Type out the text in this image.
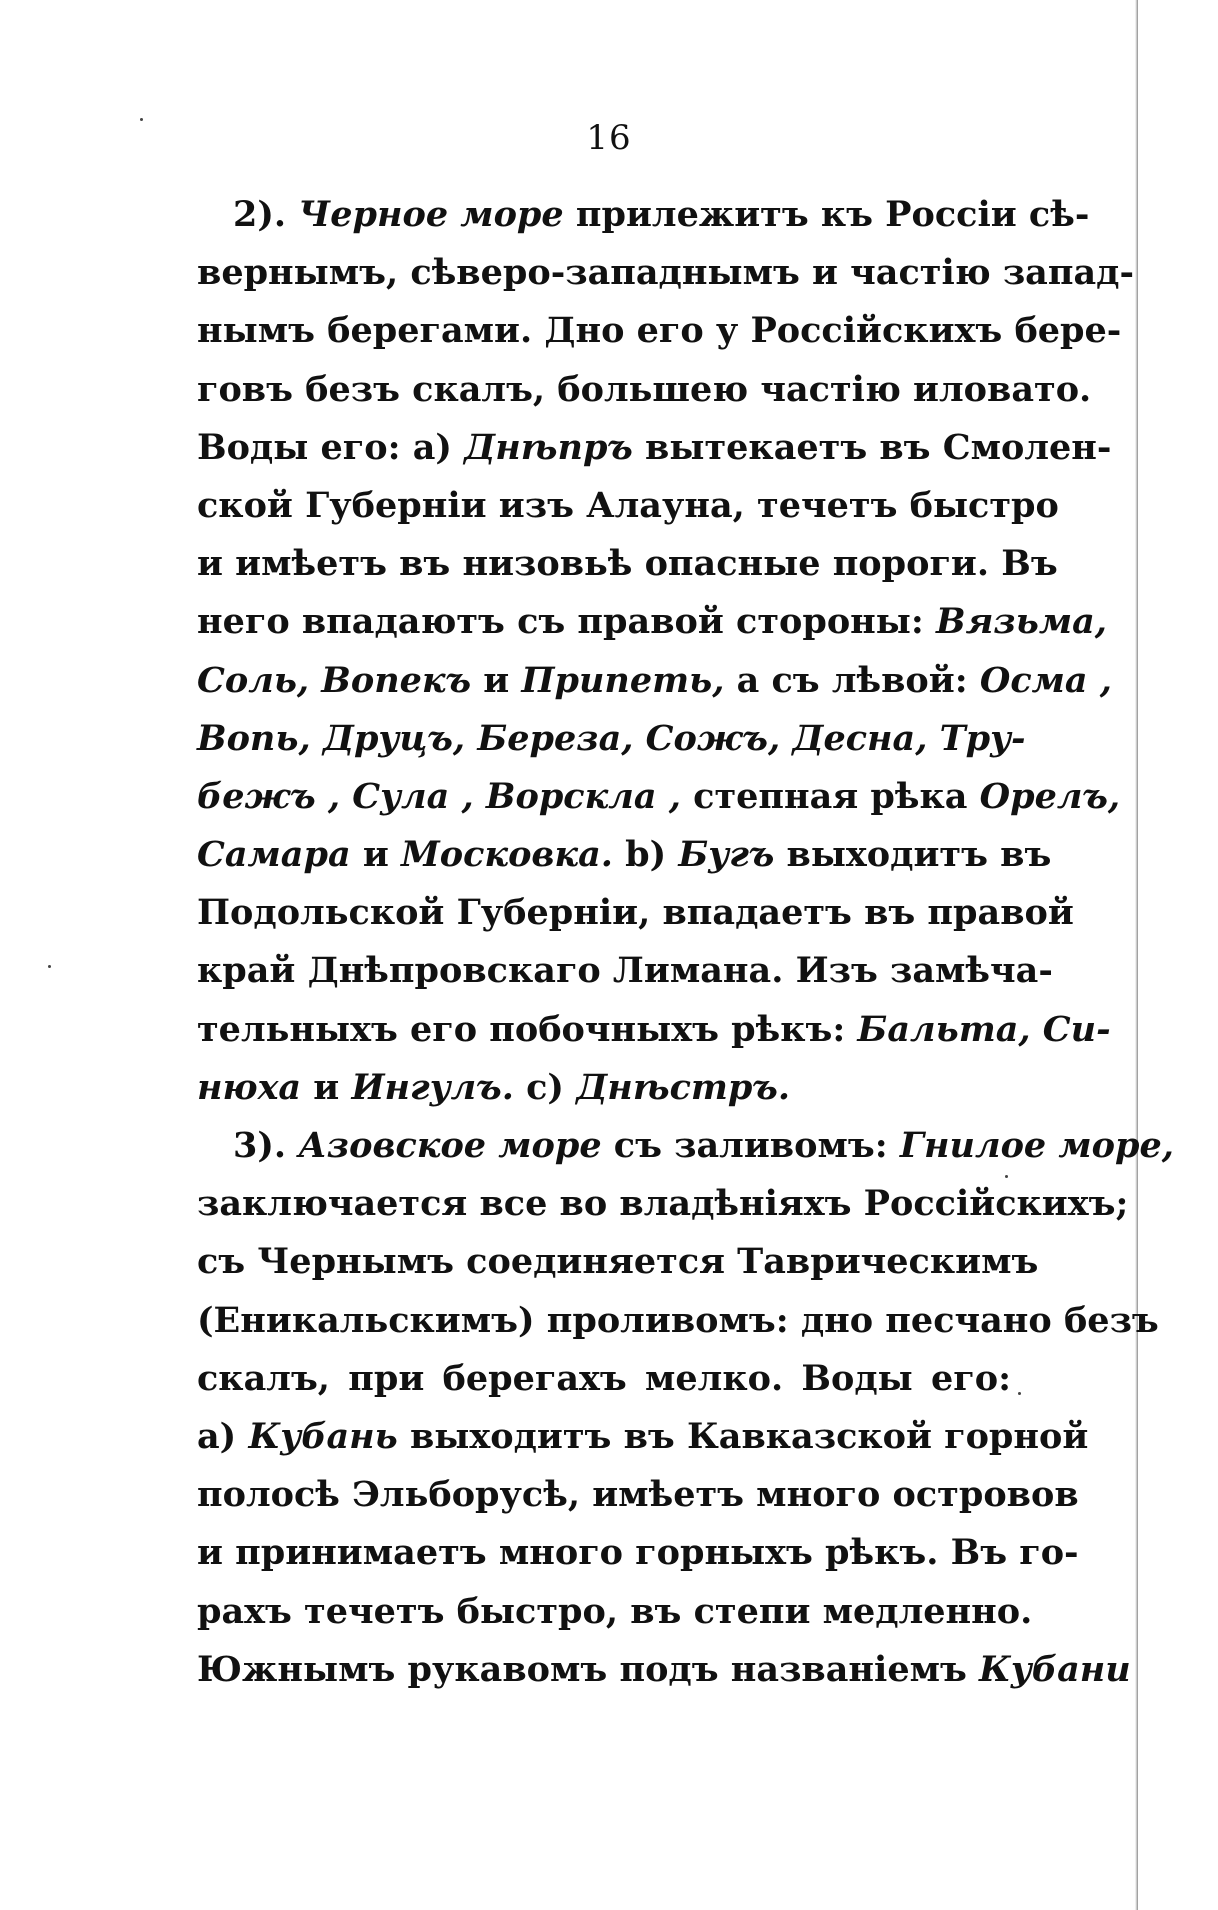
16
2). Черное море прилежитъ къ Россіи сѣ-
вернымъ, сѣверо-западнымъ и частію запад-
нымъ берегами. Дно его у Россійскихъ бере-
говъ безъ скалъ, большею частію иловато.
Воды его: а) Днѣпръ вытекаетъ въ Смолен-
ской Губерніи изъ Алауна, течетъ быстро
и имѣетъ въ низовьѣ опасные пороги. Въ
него впадаютъ съ правой стороны: Вязьма,
Соль, Вопекъ и Припеть, а съ лѣвой: Осма ,
Вопь, Друцъ, Береза, Сожъ, Десна, Тру-
бежъ , Сула , Ворскла , степная рѣка Орелъ,
Самара и Московка. b) Бугъ выходитъ въ
Подольской Губерніи, впадаетъ въ правой
край Днѣпровскаго Лимана. Изъ замѣча-
тельныхъ его побочныхъ рѣкъ: Бальта, Си-
нюха и Ингулъ. c) Днѣстръ.
3). Азовское море съ заливомъ: Гнилое море,
заключается все во владѣніяхъ Россійскихъ;
съ Чернымъ соединяется Таврическимъ
(Еникальскимъ) проливомъ: дно песчано безъ
скалъ, при берегахъ мелко. Воды его:
а) Кубань выходитъ въ Кавказской горной
полосѣ Эльборусѣ, имѣетъ много островов
и принимаетъ много горныхъ рѣкъ. Въ го-
рахъ течетъ быстро, въ степи медленно.
Южнымъ рукавомъ подъ названіемъ Кубани
